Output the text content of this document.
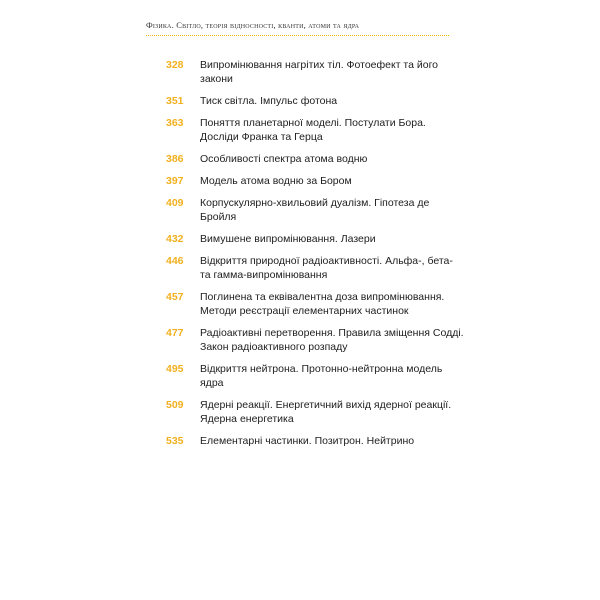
Фізика. Світло, теорія відносності, кванти, атоми та ядра
328	Випромінювання нагрітих тіл. Фотоефект та його закони
351	Тиск світла. Імпульс фотона
363	Поняття планетарної моделі. Постулати Бора. Досліди Франка та Герца
386	Особливості спектра атома водню
397	Модель атома водню за Бором
409	Корпускулярно-хвильовий дуалізм. Гіпотеза де Бройля
432	Вимушене випромінювання. Лазери
446	Відкриття природної радіоактивності. Альфа-, бета- та гамма-випромінювання
457	Поглинена та еквівалентна доза випромінювання. Методи реєстрації елементарних частинок
477	Радіоактивні перетворення. Правила зміщення Содді. Закон радіоактивного розпаду
495	Відкриття нейтрона. Протонно-нейтронна модель ядра
509	Ядерні реакції. Енергетичний вихід ядерної реакції. Ядерна енергетика
535	Елементарні частинки. Позитрон. Нейтрино
